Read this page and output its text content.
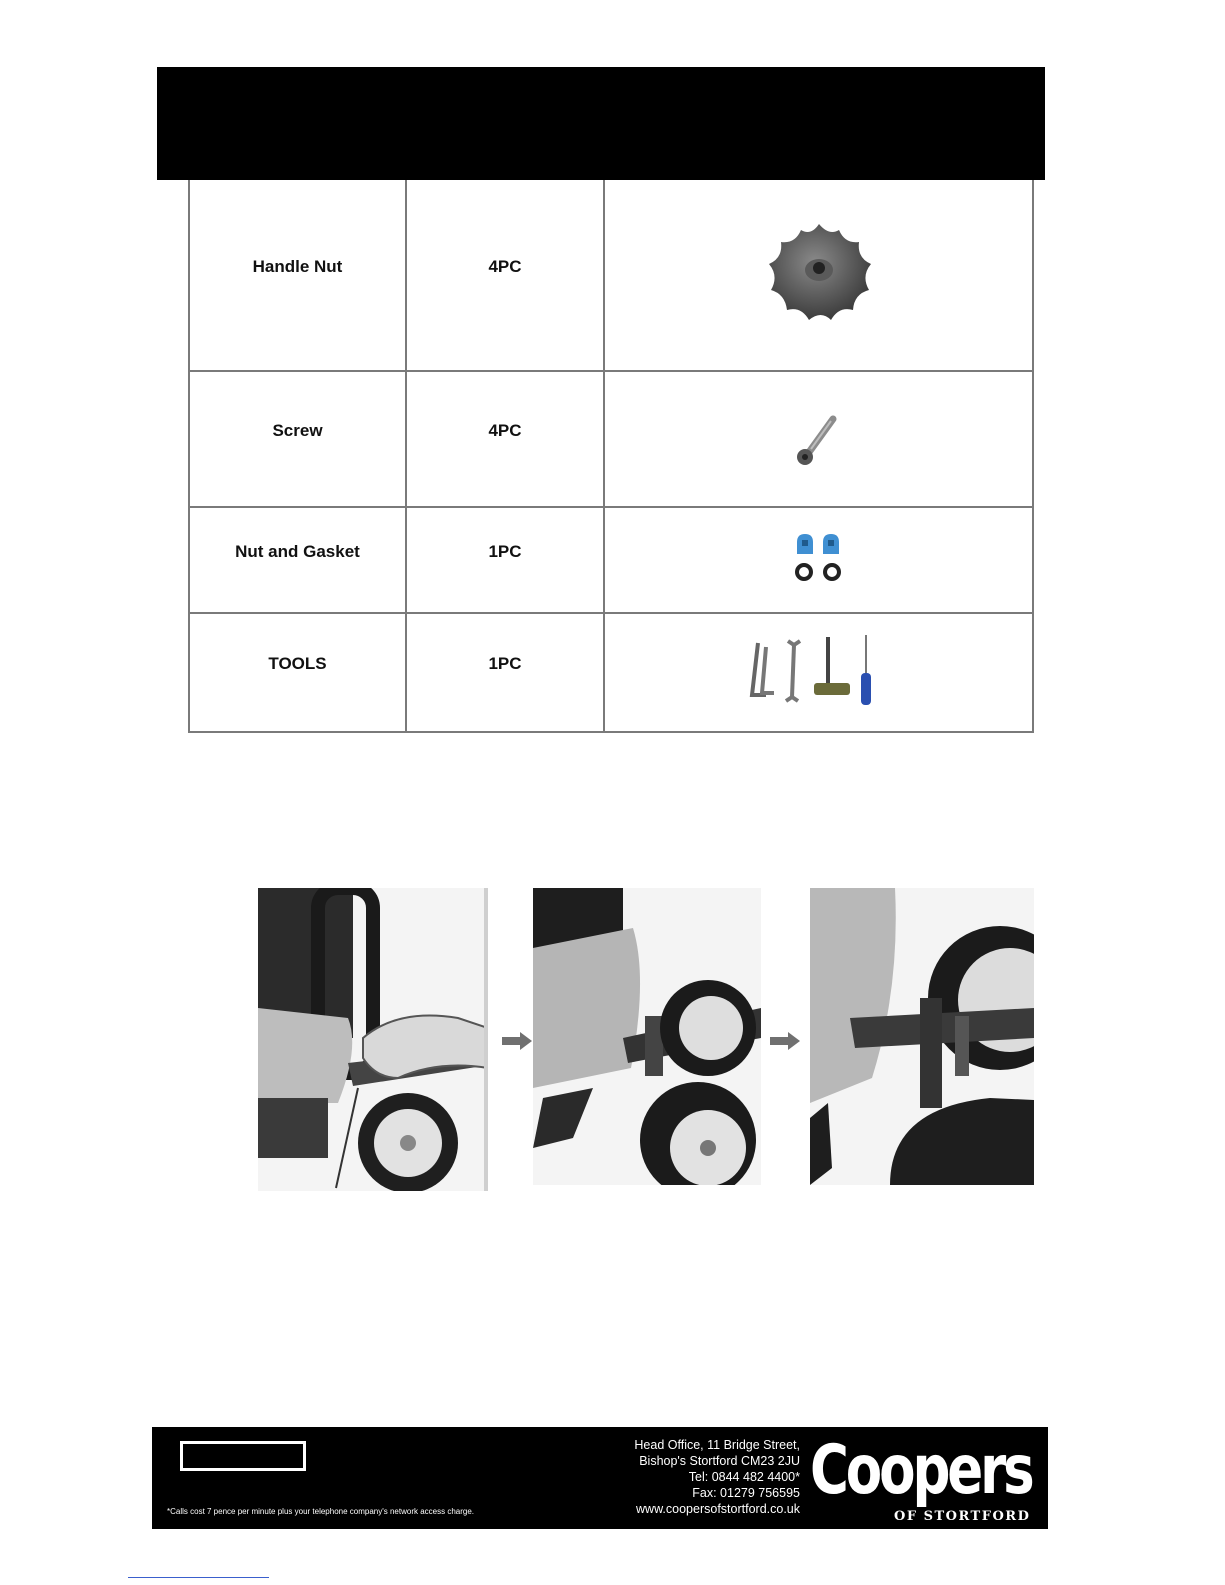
Handle Nut	4PC	

Screw	4PC	

Nut and Gasket	1PC	

TOOLS	1PC	
*Calls cost 7 pence per minute plus your telephone company's network access charge.
Head Office, 11 Bridge Street,
Bishop's Stortford CM23 2JU
Tel: 0844 482 4400*
Fax: 01279 756595
www.coopersofstortford.co.uk Coopers
OF STORTFORD
